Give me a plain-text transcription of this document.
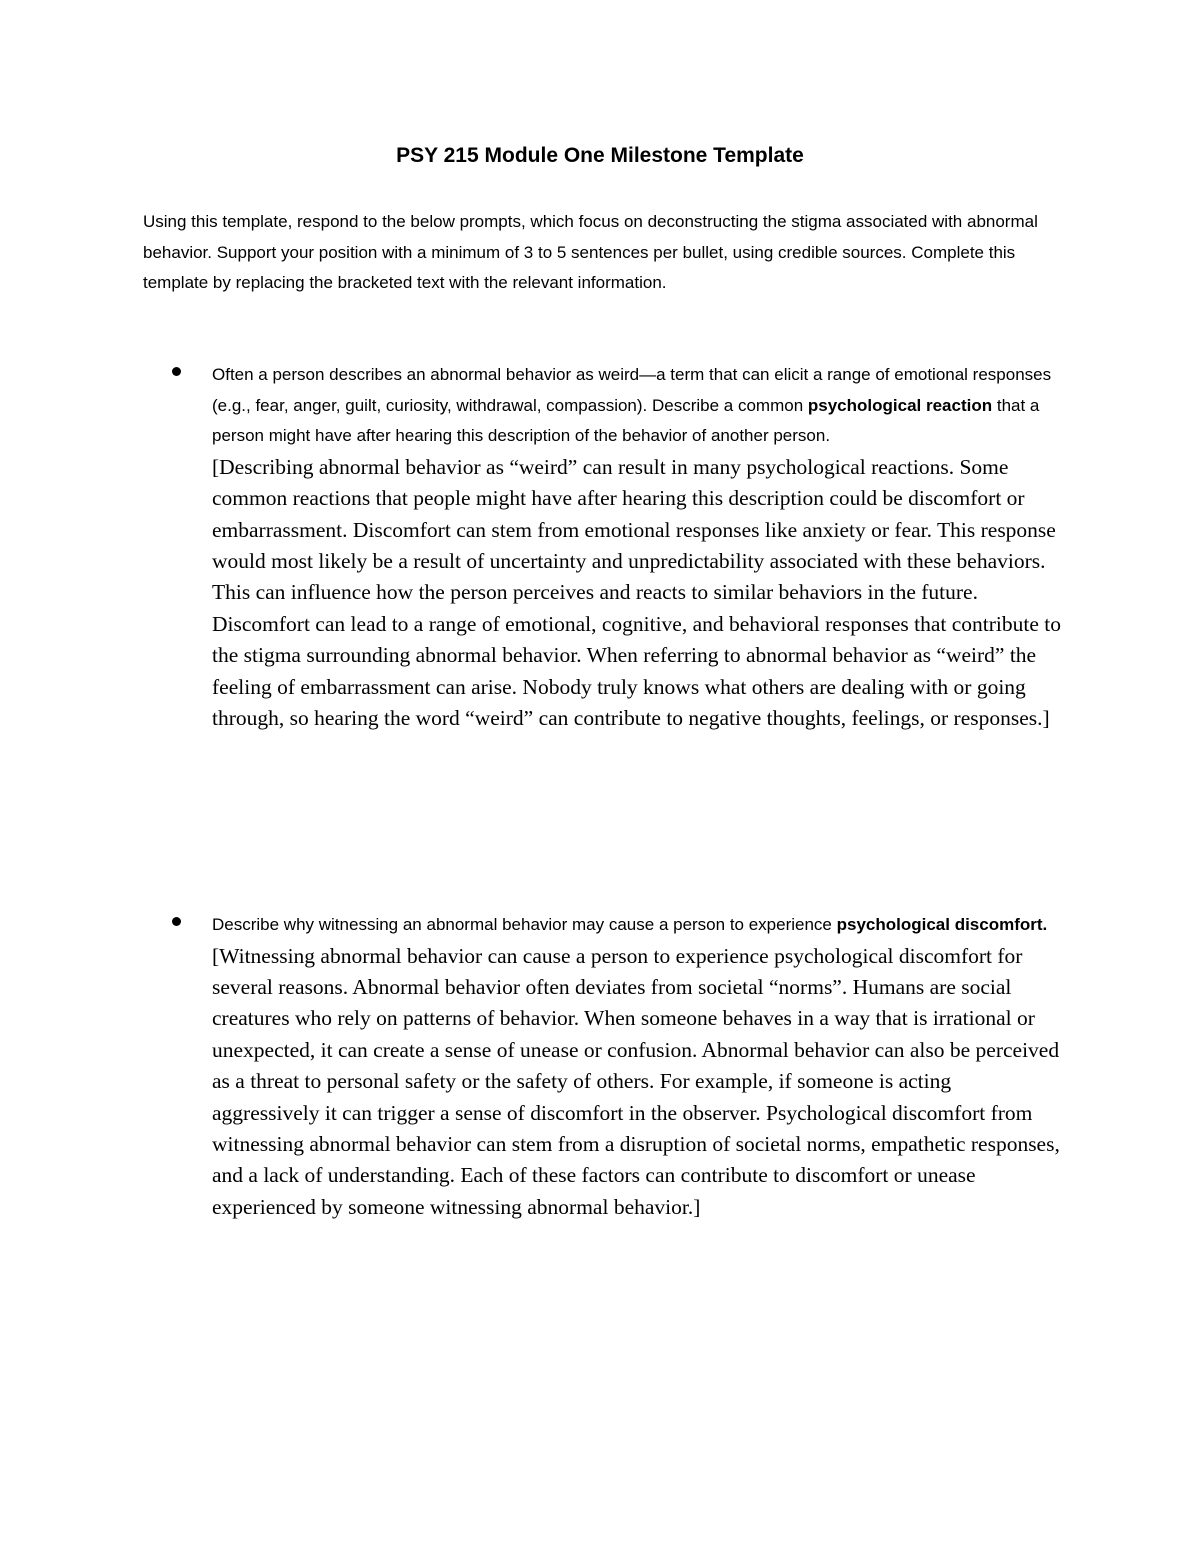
PSY 215 Module One Milestone Template

Using this template, respond to the below prompts, which focus on deconstructing the stigma associated with abnormal behavior. Support your position with a minimum of 3 to 5 sentences per bullet, using credible sources. Complete this template by replacing the bracketed text with the relevant information.

Often a person describes an abnormal behavior as weird—a term that can elicit a range of emotional responses (e.g., fear, anger, guilt, curiosity, withdrawal, compassion). Describe a common psychological reaction that a person might have after hearing this description of the behavior of another person.

[Describing abnormal behavior as “weird” can result in many psychological reactions. Some common reactions that people might have after hearing this description could be discomfort or embarrassment. Discomfort can stem from emotional responses like anxiety or fear. This response would most likely be a result of uncertainty and unpredictability associated with these behaviors. This can influence how the person perceives and reacts to similar behaviors in the future. Discomfort can lead to a range of emotional, cognitive, and behavioral responses that contribute to the stigma surrounding abnormal behavior. When referring to abnormal behavior as “weird” the feeling of embarrassment can arise. Nobody truly knows what others are dealing with or going through, so hearing the word “weird” can contribute to negative thoughts, feelings, or responses.]

Describe why witnessing an abnormal behavior may cause a person to experience psychological discomfort.

[Witnessing abnormal behavior can cause a person to experience psychological discomfort for several reasons. Abnormal behavior often deviates from societal “norms”. Humans are social creatures who rely on patterns of behavior. When someone behaves in a way that is irrational or unexpected, it can create a sense of unease or confusion. Abnormal behavior can also be perceived as a threat to personal safety or the safety of others. For example, if someone is acting aggressively it can trigger a sense of discomfort in the observer. Psychological discomfort from witnessing abnormal behavior can stem from a disruption of societal norms, empathetic responses, and a lack of understanding. Each of these factors can contribute to discomfort or unease experienced by someone witnessing abnormal behavior.]
